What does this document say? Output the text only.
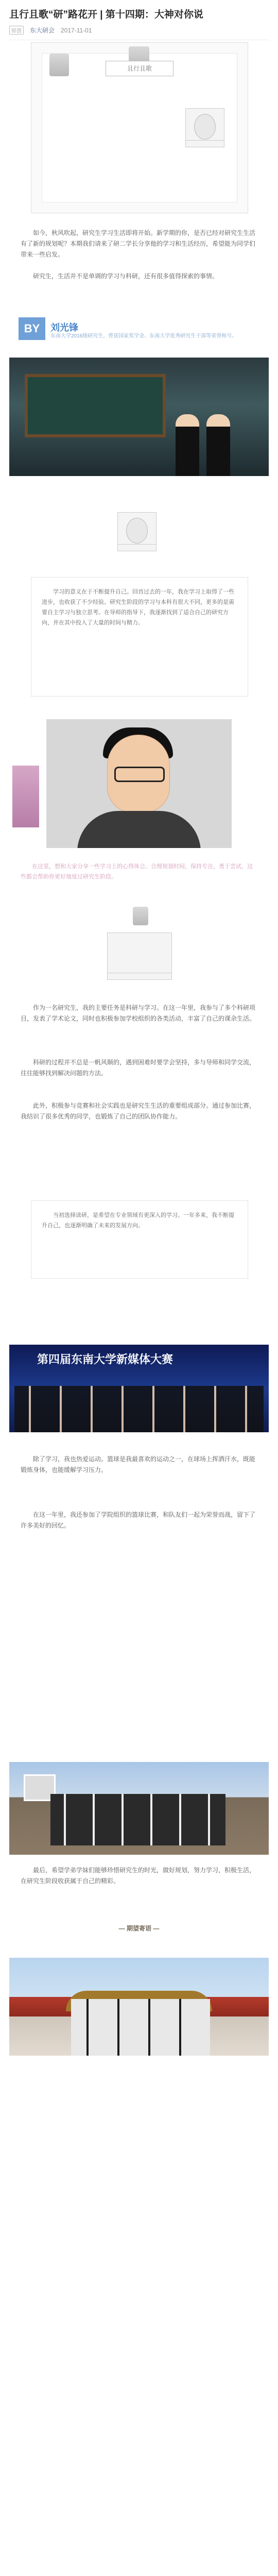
且行且歌“研”路花开 | 第十四期：大神对你说
原创	东大研会 2017-11-01
且行且歌
如今，秋风吹起，研究生学习生活即将开始。新学期的你，是否已经对研究生生活有了新的规划呢？本期我们请来了研二学长分享他的学习和生活经历，希望能为同学们带来一些启发。
研究生，生活并不是单调的学习与科研，还有很多值得探索的事情。
BY	刘光锋
东南大学2016级研究生，曾获国家奖学金、东南大学优秀研究生干部等荣誉称号。
学习的意义在于不断提升自己。回首过去的一年，我在学习上取得了一些进步，也收获了不少经验。研究生阶段的学习与本科有很大不同，更多的是需要自主学习与独立思考。在导师的指导下，我逐渐找到了适合自己的研究方向，并在其中投入了大量的时间与精力。
在这里，想和大家分享一些学习上的心得体会。合理规划时间，保持专注，勇于尝试，这些都会帮助你更好地度过研究生阶段。
作为一名研究生，我的主要任务是科研与学习。在这一年里，我参与了多个科研项目，发表了学术论文，同时也积极参加学校组织的各类活动，丰富了自己的课余生活。
科研的过程并不总是一帆风顺的，遇到困难时要学会坚持，多与导师和同学交流，往往能够找到解决问题的方法。
此外，积极参与竞赛和社会实践也是研究生生活的重要组成部分。通过参加比赛，我结识了很多优秀的同学，也锻炼了自己的团队协作能力。
当初选择读研，是希望在专业领域有更深入的学习。一年多来，我不断提升自己，也逐渐明确了未来的发展方向。
第四届东南大学新媒体大赛
除了学习，我也热爱运动。篮球是我最喜欢的运动之一，在球场上挥洒汗水，既能锻炼身体，也能缓解学习压力。
在这一年里，我还参加了学院组织的篮球比赛，和队友们一起为荣誉而战，留下了许多美好的回忆。
最后，希望学弟学妹们能够珍惜研究生的时光，做好规划，努力学习，积极生活，在研究生阶段收获属于自己的精彩。
— 期望寄语 —
